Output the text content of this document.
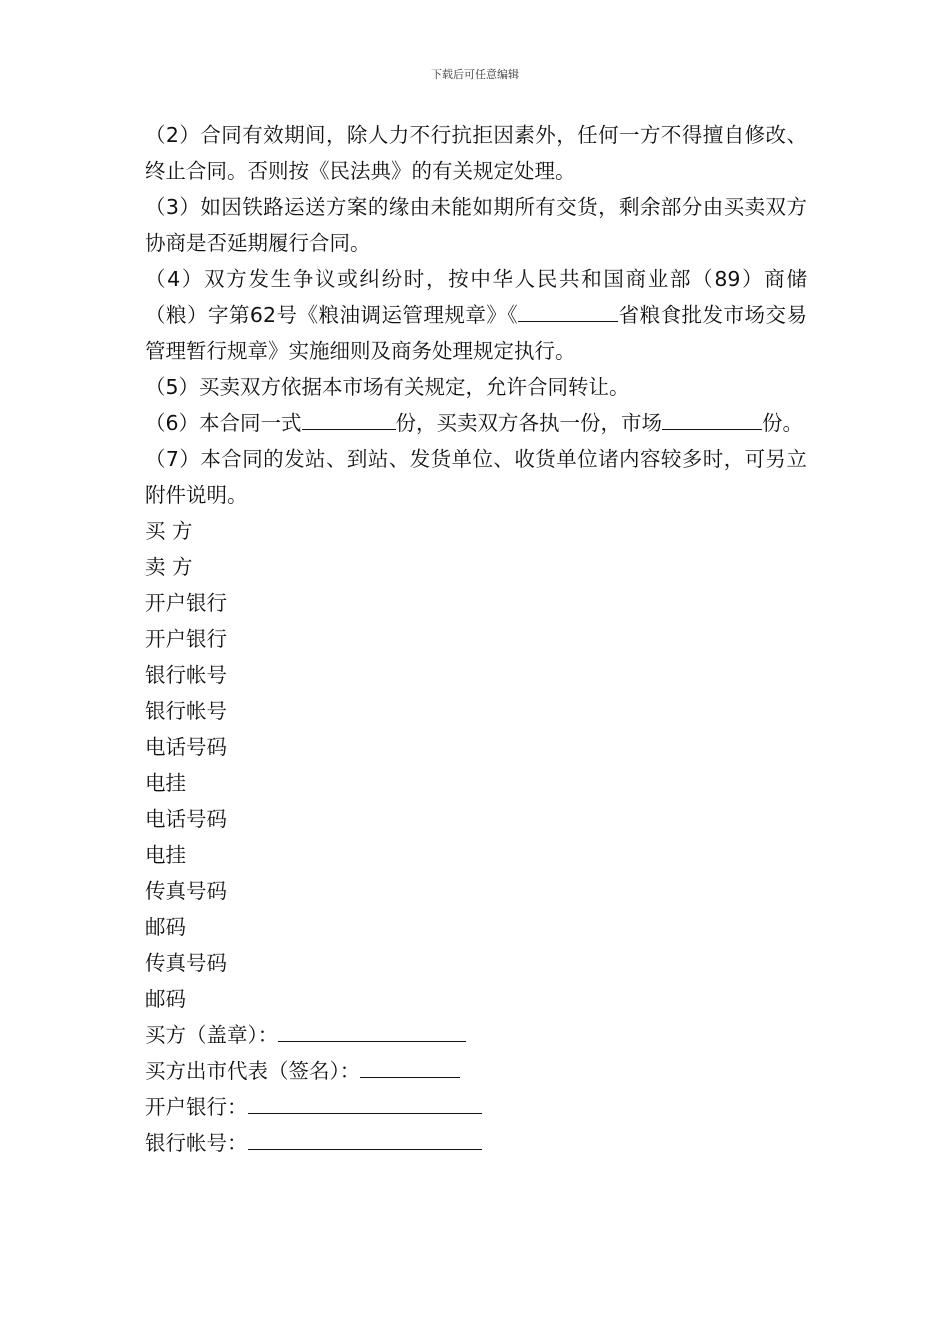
下载后可任意编辑

（2）合同有效期间，除人力不行抗拒因素外，任何一方不得擅自修改、终止合同。否则按《民法典》的有关规定处理。

（3）如因铁路运送方案的缘由未能如期所有交货，剩余部分由买卖双方协商是否延期履行合同。

（4）双方发生争议或纠纷时，按中华人民共和国商业部（89）商储（粮）字第62号《粮油调运管理规章》《	省粮食批发市场交易管理暂行规章》实施细则及商务处理规定执行。

（5）买卖双方依据本市场有关规定，允许合同转让。

（6）本合同一式	份，买卖双方各执一份，市场	份。

（7）本合同的发站、到站、发货单位、收货单位诸内容较多时，可另立附件说明。

买 方

卖 方

开户银行

开户银行

银行帐号

银行帐号

电话号码

电挂

电话号码

电挂

传真号码

邮码

传真号码

邮码

买方（盖章）：

买方出市代表（签名）：

开户银行：

银行帐号：
